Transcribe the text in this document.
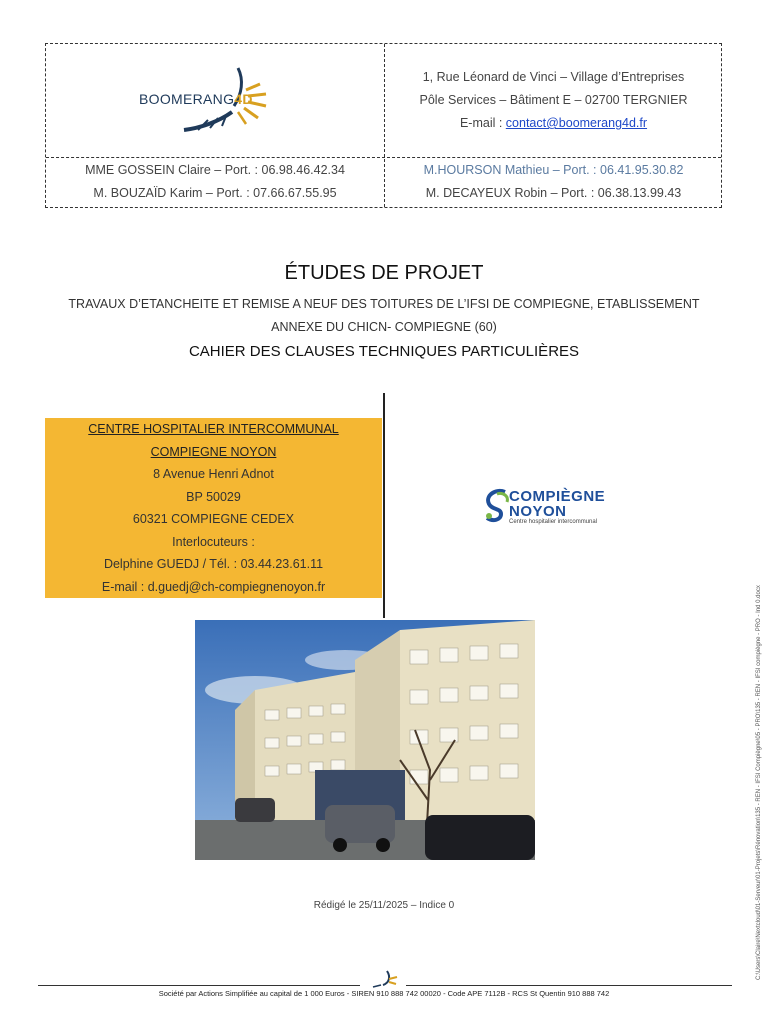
BOOMERANG4D
1, Rue Léonard de Vinci – Village d’Entreprises
Pôle Services – Bâtiment E – 02700 TERGNIER
E-mail : contact@boomerang4d.fr
MME GOSSEIN Claire – Port. : 06.98.46.42.34
M. BOUZAÏD Karim – Port. : 07.66.67.55.95
M.HOURSON Mathieu – Port. : 06.41.95.30.82
M. DECAYEUX Robin – Port. : 06.38.13.99.43
ÉTUDES DE PROJET
TRAVAUX D’ETANCHEITE ET REMISE A NEUF DES TOITURES DE L’IFSI DE COMPIEGNE, ETABLISSEMENT
ANNEXE DU CHICN- COMPIEGNE (60)
CAHIER DES CLAUSES TECHNIQUES PARTICULIÈRES
CENTRE HOSPITALIER INTERCOMMUNAL
COMPIEGNE NOYON
8 Avenue Henri Adnot
BP 50029
60321 COMPIEGNE CEDEX
Interlocuteurs :
Delphine GUEDJ / Tél. : 03.44.23.61.11
E-mail : d.guedj@ch-compiegnenoyon.fr
COMPIÈGNE
NOYON
Centre hospitalier intercommunal
Rédigé le 25/11/2025 – Indice 0	C:\Users\Claire\Nextcloud\01-Serveur\01-Projets\Rénovation\135 - REN - IFSI Compiègne\05 - PRO\135 - REN - IFSI compiègne - PRO - Ind 0.docx
Société par Actions Simplifiée au capital de 1 000 Euros - SIREN 910 888 742 00020 - Code APE 7112B - RCS St Quentin 910 888 742
